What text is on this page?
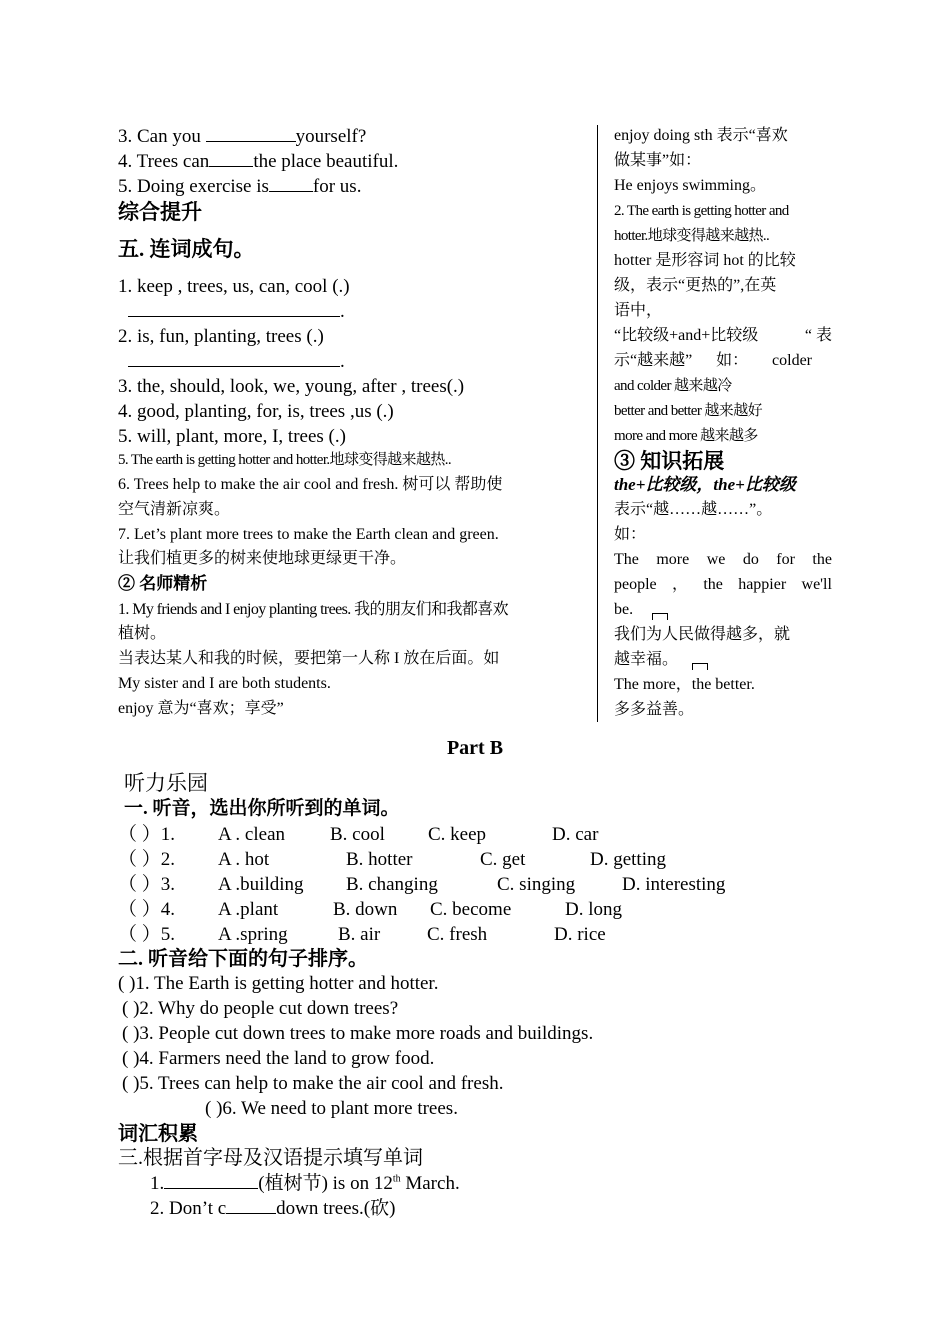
3. Can you	yourself?
4. Trees can the place beautiful.
5. Doing exercise is for us.
综合提升
五. 连词成句。
1. keep , trees, us, can, cool (.)
.
2. is, fun, planting, trees (.)
.
3. the, should, look, we, young, after , trees(.)
4. good, planting, for, is, trees ,us (.)
5. will, plant, more, I, trees (.)
5. The earth is getting hotter and hotter.地球变得越来越热..
6. Trees help to make the air cool and fresh. 树可以 帮助使
空气清新凉爽。
7. Let’s plant more trees to make the Earth clean and green.
让我们植更多的树来使地球更绿更干净。
② 名师精析
1. My friends and I enjoy planting trees. 我的朋友们和我都喜欢
植树。
当表达某人和我的时候，要把第一人称 I 放在后面。如
My sister and I are both students.
enjoy 意为“喜欢；享受”
enjoy doing sth 表示“喜欢
做某事”如：
He enjoys swimming。
2. The earth is getting hotter and
hotter.地球变得越来越热..
hotter 是形容词 hot 的比较
级，表示“更热的”,在英
语中，
“比较级+and+比较级	“ 表
示“越来越” 如： colder
and colder 越来越冷
better and better 越来越好
more and more 越来越多
③ 知识拓展
the+比较级，the+比较级
表示“越……越……”。
如：
The more we do for the
people ， the happier we'll
be.
我们为人民做得越多，就
越幸福。
The more，the better.
多多益善。
Part B
听力乐园
一. 听音，选出你所听到的单词。
（ ）1. A . clean B. cool C. keep	D. car
（ ）2. A . hot	B. hotter	C. get	D. getting
（ ）3. A .building B. changing	C. singing D. interesting
（ ）4. A .plant	B. down C. become	D. long
（ ）5. A .spring	B. air C. fresh	D. rice
二. 听音给下面的句子排序。
( )1. The Earth is getting hotter and hotter.
( )2. Why do people cut down trees?
( )3. People cut down trees to make more roads and buildings.
( )4. Farmers need the land to grow food.
( )5. Trees can help to make the air cool and fresh.
( )6. We need to plant more trees.
词汇积累
三.根据首字母及汉语提示填写单词
1.	(植树节) is on 12th March.
2. Don’t c	down trees.(砍)
